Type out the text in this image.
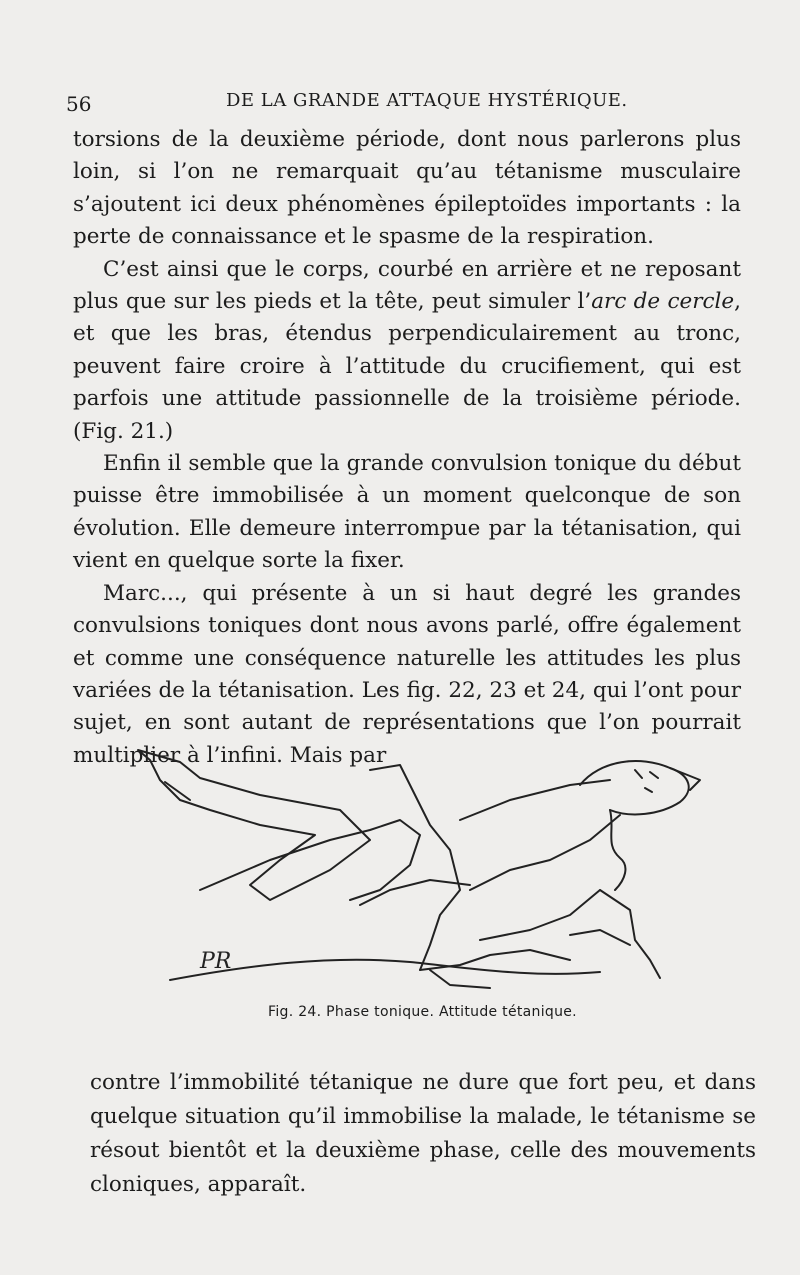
56	DE LA GRANDE ATTAQUE HYSTÉRIQUE.

torsions de la deuxième période, dont nous parlerons plus loin, si l’on ne remarquait qu’au tétanisme musculaire s’ajoutent ici deux phénomènes épileptoïdes importants : la perte de connaissance et le spasme de la respiration.

C’est ainsi que le corps, courbé en arrière et ne reposant plus que sur les pieds et la tête, peut simuler l’arc de cercle, et que les bras, étendus perpendiculairement au tronc, peuvent faire croire à l’attitude du crucifiement, qui est parfois une attitude passionnelle de la troisième période. (Fig. 21.)

Enfin il semble que la grande convulsion tonique du début puisse être immobilisée à un moment quelconque de son évolution. Elle demeure interrompue par la tétanisation, qui vient en quelque sorte la fixer.

Marc..., qui présente à un si haut degré les grandes convulsions toniques dont nous avons parlé, offre également et comme une conséquence naturelle les attitudes les plus variées de la tétanisation. Les fig. 22, 23 et 24, qui l’ont pour sujet, en sont autant de représentations que l’on pourrait multiplier à l’infini. Mais par

PR
Fig. 24. Phase tonique. Attitude tétanique.

contre l’immobilité tétanique ne dure que fort peu, et dans quelque situation qu’il immobilise la malade, le tétanisme se résout bientôt et la deuxième phase, celle des mouvements cloniques, apparaît.
